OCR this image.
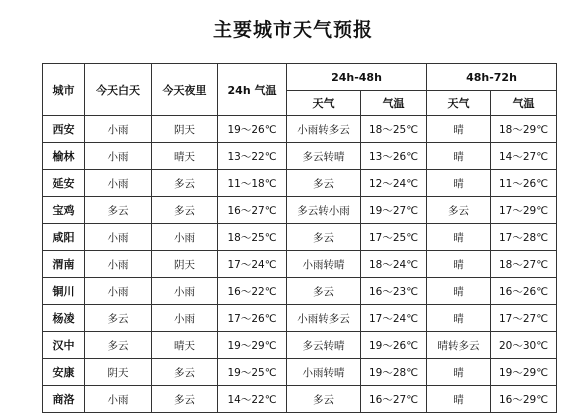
主要城市天气预报
城市	今天白天	今天夜里	24h 气温	24h-48h		48h-72h	
				天气	气温	天气	气温
西安	小雨	阴天	19～26℃	小雨转多云	18～25℃	晴	18～29℃
榆林	小雨	晴天	13～22℃	多云转晴	13～26℃	晴	14～27℃
延安	小雨	多云	11～18℃	多云	12～24℃	晴	11～26℃
宝鸡	多云	多云	16～27℃	多云转小雨	19～27℃	多云	17～29℃
咸阳	小雨	小雨	18～25℃	多云	17～25℃	晴	17～28℃
渭南	小雨	阴天	17～24℃	小雨转晴	18～24℃	晴	18～27℃
铜川	小雨	小雨	16～22℃	多云	16～23℃	晴	16～26℃
杨凌	多云	小雨	17～26℃	小雨转多云	17～24℃	晴	17～27℃
汉中	多云	晴天	19～29℃	多云转晴	19～26℃	晴转多云	20～30℃
安康	阴天	多云	19～25℃	小雨转晴	19～28℃	晴	19～29℃
商洛	小雨	多云	14～22℃	多云	16～27℃	晴	16～29℃
